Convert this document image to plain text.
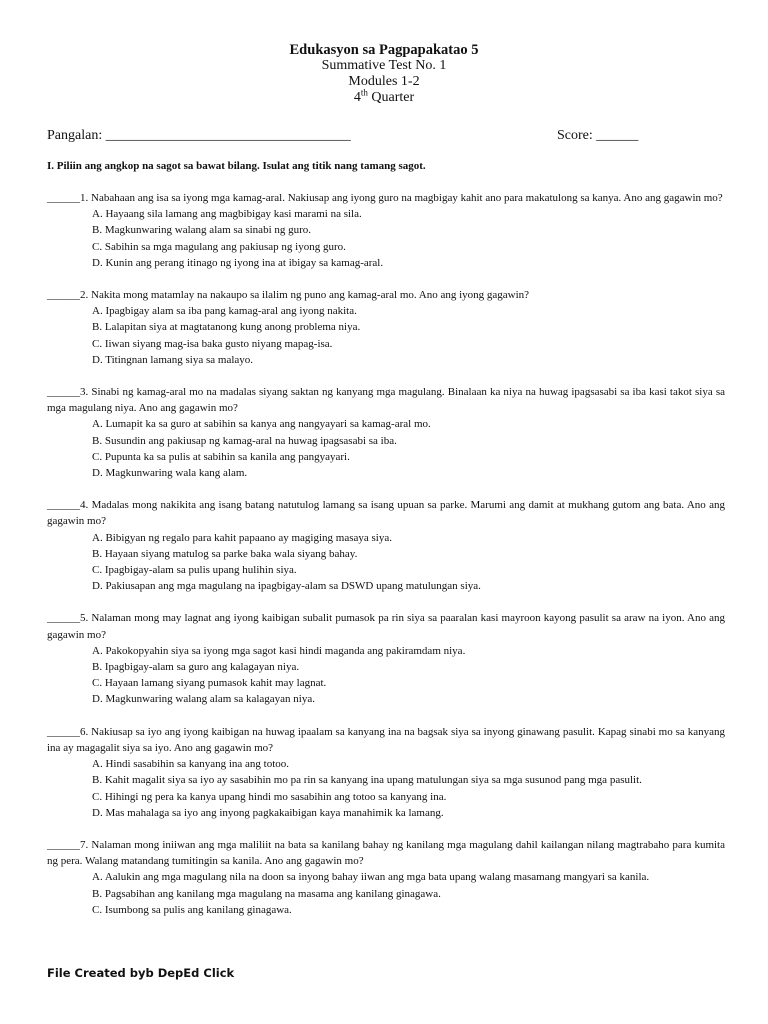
Edukasyon sa Pagpapakatao 5
Summative Test No. 1
Modules 1-2
4th Quarter
Pangalan: ___________________________________	Score: ______
I. Piliin ang angkop na sagot sa bawat bilang. Isulat ang titik nang tamang sagot.
______1. Nabahaan ang isa sa iyong mga kamag-aral. Nakiusap ang iyong guro na magbigay kahit ano para makatulong sa kanya. Ano ang gagawin mo?
A. Hayaang sila lamang ang magbibigay kasi marami na sila.
B. Magkunwaring walang alam sa sinabi ng guro.
C. Sabihin sa mga magulang ang pakiusap ng iyong guro.
D. Kunin ang perang itinago ng iyong ina at ibigay sa kamag-aral.
______2. Nakita mong matamlay na nakaupo sa ilalim ng puno ang kamag-aral mo. Ano ang iyong gagawin?
A. Ipagbigay alam sa iba pang kamag-aral ang iyong nakita.
B. Lalapitan siya at magtatanong kung anong problema niya.
C. Iiwan siyang mag-isa baka gusto niyang mapag-isa.
D. Titingnan lamang siya sa malayo.
______3. Sinabi ng kamag-aral mo na madalas siyang saktan ng kanyang mga magulang. Binalaan ka niya na huwag ipagsasabi sa iba kasi takot siya sa mga magulang niya. Ano ang gagawin mo?
A. Lumapit ka sa guro at sabihin sa kanya ang nangyayari sa kamag-aral mo.
B. Susundin ang pakiusap ng kamag-aral na huwag ipagsasabi sa iba.
C. Pupunta ka sa pulis at sabihin sa kanila ang pangyayari.
D. Magkunwaring wala kang alam.
______4. Madalas mong nakikita ang isang batang natutulog lamang sa isang upuan sa parke. Marumi ang damit at mukhang gutom ang bata. Ano ang gagawin mo?
A. Bibigyan ng regalo para kahit papaano ay magiging masaya siya.
B. Hayaan siyang matulog sa parke baka wala siyang bahay.
C. Ipagbigay-alam sa pulis upang hulihin siya.
D. Pakiusapan ang mga magulang na ipagbigay-alam sa DSWD upang matulungan siya.
______5. Nalaman mong may lagnat ang iyong kaibigan subalit pumasok pa rin siya sa paaralan kasi mayroon kayong pasulit sa araw na iyon. Ano ang gagawin mo?
A. Pakokopyahin siya sa iyong mga sagot kasi hindi maganda ang pakiramdam niya.
B. Ipagbigay-alam sa guro ang kalagayan niya.
C. Hayaan lamang siyang pumasok kahit may lagnat.
D. Magkunwaring walang alam sa kalagayan niya.
______6. Nakiusap sa iyo ang iyong kaibigan na huwag ipaalam sa kanyang ina na bagsak siya sa inyong ginawang pasulit. Kapag sinabi mo sa kanyang ina ay magagalit siya sa iyo. Ano ang gagawin mo?
A. Hindi sasabihin sa kanyang ina ang totoo.
B. Kahit magalit siya sa iyo ay sasabihin mo pa rin sa kanyang ina upang matulungan siya sa mga susunod pang mga pasulit.
C. Hihingi ng pera ka kanya upang hindi mo sasabihin ang totoo sa kanyang ina.
D. Mas mahalaga sa iyo ang inyong pagkakaibigan kaya manahimik ka lamang.
______7. Nalaman mong iniiwan ang mga maliliit na bata sa kanilang bahay ng kanilang mga magulang dahil kailangan nilang magtrabaho para kumita ng pera. Walang matandang tumitingin sa kanila. Ano ang gagawin mo?
A. Aalukin ang mga magulang nila na doon sa inyong bahay iiwan ang mga bata upang walang masamang mangyari sa kanila.
B. Pagsabihan ang kanilang mga magulang na masama ang kanilang ginagawa.
C. Isumbong sa pulis ang kanilang ginagawa.
File Created byb DepEd Click
